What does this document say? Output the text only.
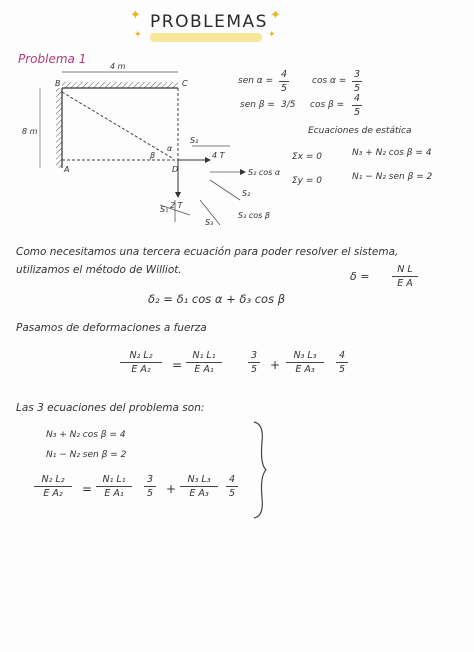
✦	✦
✦	✦
PROBLEMAS
Problema 1
4 m
8 m
B	C
A	D
β
α
4 T
2 T
S₂
S₂ cos α
S₂
S₁
S₃
S₃ cos β
sen α =
4
5
cos α =
3
5
sen β = 3/5 cos β =
4
5
Ecuaciones de estática
Σx = 0	N₃ + N₂ cos β = 4
Σy = 0	N₁ − N₂ sen β = 2
Como necesitamos una tercera ecuación para poder resolver el sistema,
utilizamos el método de Williot.	δ =
N L
E A
δ₂ = δ₁ cos α + δ₃ cos β
Pasamos de deformaciones a fuerza
N₂ L₂
E A₂ =
N₁ L₁
E A₁
3
5 +
N₃ L₃
E A₃
4
5
Las 3 ecuaciones del problema son:
N₃ + N₂ cos β = 4
N₁ − N₂ sen β = 2
N₂ L₂
E A₂ =
N₁ L₁
E A₁
3
5 +
N₃ L₃
E A₃
4
5
